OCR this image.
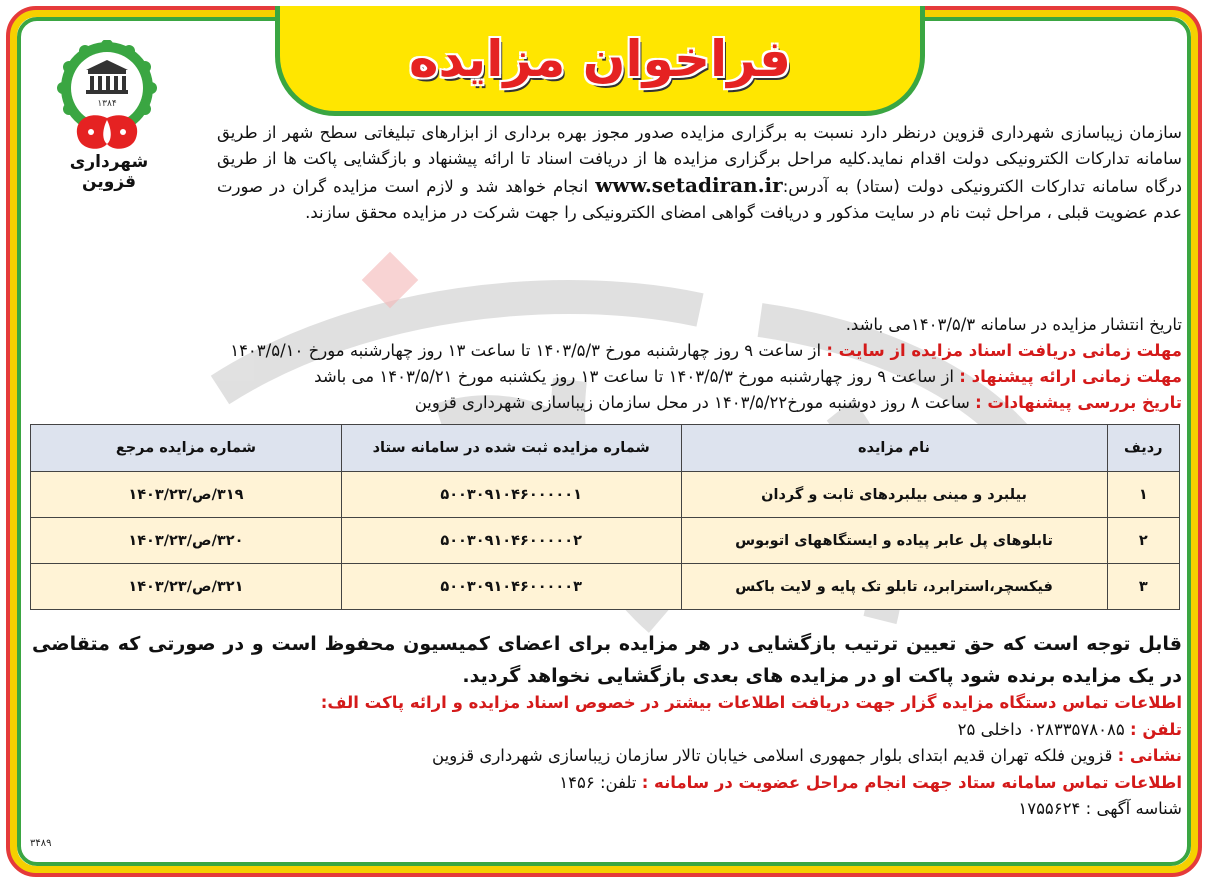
فراخوان مزایده
۱۳۸۴
شهرداری قزوین

سازمان زیباسازی شهرداری قزوین درنظر دارد نسبت به برگزاری مزایده صدور مجوز بهره برداری از ابزارهای تبلیغاتی سطح شهر از طریق سامانه تدارکات الکترونیکی دولت اقدام نماید.کلیه مراحل برگزاری مزایده ها از دریافت اسناد تا ارائه پیشنهاد و بازگشایی پاکت ها از طریق درگاه سامانه تدارکات الکترونیکی دولت (ستاد) به آدرس:www.setadiran.ir انجام خواهد شد و لازم است مزایده گران در صورت عدم عضویت قبلی ، مراحل ثبت نام در سایت مذکور و دریافت گواهی امضای الکترونیکی را جهت شرکت در مزایده محقق سازند.

تاریخ انتشار مزایده در سامانه ۱۴۰۳/۵/۳می باشد.
مهلت زمانی دریافت اسناد مزایده از سایت : از ساعت ۹ روز چهارشنبه مورخ ۱۴۰۳/۵/۳ تا ساعت ۱۳ روز چهارشنبه مورخ ۱۴۰۳/۵/۱۰
مهلت زمانی ارائه پیشنهاد : از ساعت ۹ روز چهارشنبه مورخ ۱۴۰۳/۵/۳ تا ساعت ۱۳ روز یکشنبه مورخ ۱۴۰۳/۵/۲۱ می باشد
تاریخ بررسی پیشنهادات : ساعت ۸ روز دوشنبه مورخ۱۴۰۳/۵/۲۲ در محل سازمان زیباسازی شهرداری قزوین
ردیف	نام مزایده	شماره مزایده ثبت شده در سامانه ستاد	شماره مزایده مرجع
۱	بیلبرد و مینی بیلبردهای ثابت و گردان	۵۰۰۳۰۹۱۰۴۶۰۰۰۰۰۱	۳۱۹/ص/۱۴۰۳/۲۳
۲	تابلوهای پل عابر پیاده و ایستگاههای اتوبوس	۵۰۰۳۰۹۱۰۴۶۰۰۰۰۰۲	۳۲۰/ص/۱۴۰۳/۲۳
۳	فیکسچر،استرابرد، تابلو تک پایه و لایت باکس	۵۰۰۳۰۹۱۰۴۶۰۰۰۰۰۳	۳۲۱/ص/۱۴۰۳/۲۳
قابل توجه است که حق تعیین ترتیب بازگشایی در هر مزایده برای اعضای کمیسیون محفوظ است و در صورتی که متقاضی در یک مزایده برنده شود پاکت او در مزایده های بعدی بازگشایی نخواهد گردید.
اطلاعات تماس دستگاه مزایده گزار جهت دریافت اطلاعات بیشتر در خصوص اسناد مزایده و ارائه پاکت الف:
تلفن : ۰۲۸۳۳۵۷۸۰۸۵ داخلی ۲۵
نشانی : قزوین فلکه تهران قدیم ابتدای بلوار جمهوری اسلامی خیابان تالار سازمان زیباسازی شهرداری قزوین
اطلاعات تماس سامانه ستاد جهت انجام مراحل عضویت در سامانه : تلفن: ۱۴۵۶
شناسه آگهی : ۱۷۵۵۶۲۴
۳۴۸۹
